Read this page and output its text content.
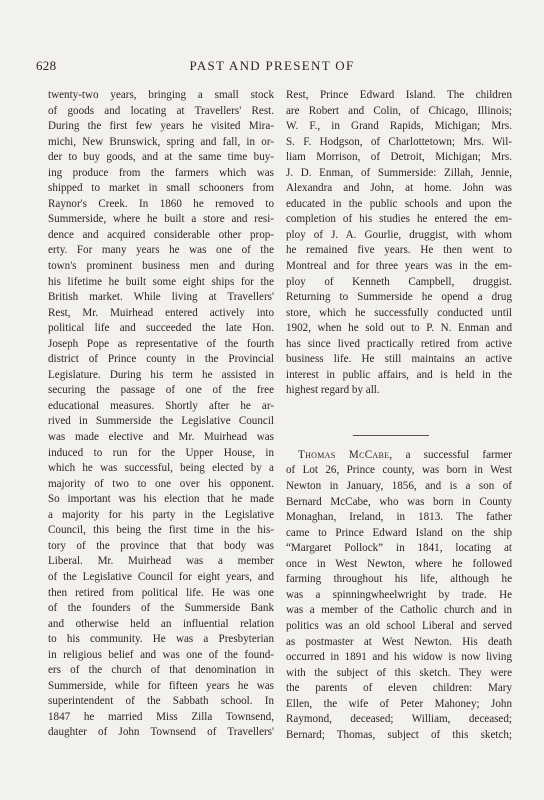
628	PAST AND PRESENT OF
twenty-two years, bringing a small stock
of goods and locating at Travellers' Rest.
During the first few years he visited Mira-
michi, New Brunswick, spring and fall, in or-
der to buy goods, and at the same time buy-
ing produce from the farmers which was
shipped to market in small schooners from
Raynor's Creek. In 1860 he removed to
Summerside, where he built a store and resi-
dence and acquired considerable other prop-
erty. For many years he was one of the
town's prominent business men and during
his lifetime he built some eight ships for the
British market. While living at Travellers'
Rest, Mr. Muirhead entered actively into
political life and succeeded the late Hon.
Joseph Pope as representative of the fourth
district of Prince county in the Provincial
Legislature. During his term he assisted in
securing the passage of one of the free
educational measures. Shortly after he ar-
rived in Summerside the Legislative Council
was made elective and Mr. Muirhead was
induced to run for the Upper House, in
which he was successful, being elected by a
majority of two to one over his opponent.
So important was his election that he made
a majority for his party in the Legislative
Council, this being the first time in the his-
tory of the province that that body was
Liberal. Mr. Muirhead was a member
of the Legislative Council for eight years, and
then retired from political life. He was one
of the founders of the Summerside Bank
and otherwise held an influential relation
to his community. He was a Presbyterian
in religious belief and was one of the found-
ers of the church of that denomination in
Summerside, while for fifteen years he was
superintendent of the Sabbath school. In
1847 he married Miss Zilla Townsend,
daughter of John Townsend of Travellers'
Rest, Prince Edward Island. The children
are Robert and Colin, of Chicago, Illinois;
W. F., in Grand Rapids, Michigan; Mrs.
S. F. Hodgson, of Charlottetown; Mrs. Wil-
liam Morrison, of Detroit, Michigan; Mrs.
J. D. Enman, of Summerside: Zillah, Jennie,
Alexandra and John, at home. John was
educated in the public schools and upon the
completion of his studies he entered the em-
ploy of J. A. Gourlie, druggist, with whom
he remained five years. He then went to
Montreal and for three years was in the em-
ploy of Kenneth Campbell, druggist.
Returning to Summerside he opend a drug
store, which he successfully conducted until
1902, when he sold out to P. N. Enman and
has since lived practically retired from active
business life. He still maintains an active
interest in public affairs, and is held in the
highest regard by all.
Thomas McCabe, a successful farmer
of Lot 26, Prince county, was born in West
Newton in January, 1856, and is a son of
Bernard McCabe, who was born in County
Monaghan, Ireland, in 1813. The father
came to Prince Edward Island on the ship
“Margaret Pollock” in 1841, locating at
once in West Newton, where he followed
farming throughout his life, although he
was a spinningwheelwright by trade. He
was a member of the Catholic church and in
politics was an old school Liberal and served
as postmaster at West Newton. His death
occurred in 1891 and his widow is now living
with the subject of this sketch. They were
the parents of eleven children: Mary
Ellen, the wife of Peter Mahoney; John
Raymond, deceased; William, deceased;
Bernard; Thomas, subject of this sketch;
